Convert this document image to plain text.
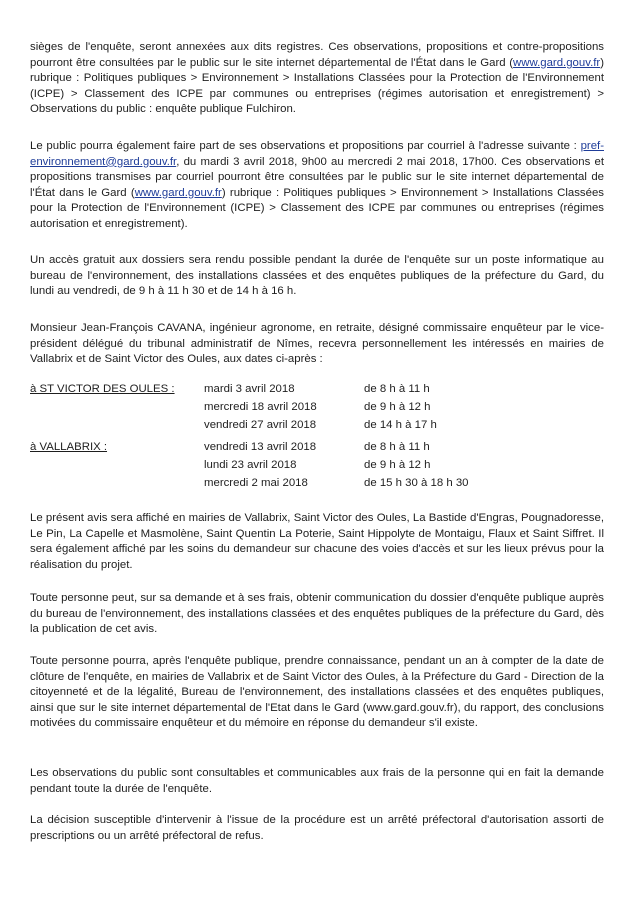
sièges de l'enquête, seront annexées aux dits registres. Ces observations, propositions et contre-propositions pourront être consultées par le public sur le site internet départemental de l'État dans le Gard (www.gard.gouv.fr) rubrique : Politiques publiques > Environnement > Installations Classées pour la Protection de l'Environnement (ICPE) > Classement des ICPE par communes ou entreprises (régimes autorisation et enregistrement) > Observations du public : enquête publique Fulchiron.

Le public pourra également faire part de ses observations et propositions par courriel à l'adresse suivante : pref-environnement@gard.gouv.fr, du mardi 3 avril 2018, 9h00 au mercredi 2 mai 2018, 17h00. Ces observations et propositions transmises par courriel pourront être consultées par le public sur le site internet départemental de l'État dans le Gard (www.gard.gouv.fr) rubrique : Politiques publiques > Environnement > Installations Classées pour la Protection de l'Environnement (ICPE) > Classement des ICPE par communes ou entreprises (régimes autorisation et enregistrement).

Un accès gratuit aux dossiers sera rendu possible pendant la durée de l'enquête sur un poste informatique au bureau de l'environnement, des installations classées et des enquêtes publiques de la préfecture du Gard, du lundi au vendredi, de 9 h à 11 h 30 et de 14 h à 16 h.

Monsieur Jean-François CAVANA, ingénieur agronome, en retraite, désigné commissaire enquêteur par le vice-président délégué du tribunal administratif de Nîmes, recevra personnellement les intéressés en mairies de Vallabrix et de Saint Victor des Oules, aux dates ci-après :

à ST VICTOR DES OULES :	mardi 3 avril 2018	de 8 h à 11 h
mercredi 18 avril 2018	de 9 h à 12 h
vendredi 27 avril 2018	de 14 h à 17 h
à VALLABRIX :	vendredi 13 avril 2018	de 8 h à 11 h
lundi 23 avril 2018	de 9 h à 12 h
mercredi 2 mai 2018	de 15 h 30 à 18 h 30

Le présent avis sera affiché en mairies de Vallabrix, Saint Victor des Oules, La Bastide d'Engras, Pougnadoresse, Le Pin, La Capelle et Masmolène, Saint Quentin La Poterie, Saint Hippolyte de Montaigu, Flaux et Saint Siffret. Il sera également affiché par les soins du demandeur sur chacune des voies d'accès et sur les lieux prévus pour la réalisation du projet.

Toute personne peut, sur sa demande et à ses frais, obtenir communication du dossier d'enquête publique auprès du bureau de l'environnement, des installations classées et des enquêtes publiques de la préfecture du Gard, dès la publication de cet avis.

Toute personne pourra, après l'enquête publique, prendre connaissance, pendant un an à compter de la date de clôture de l'enquête, en mairies de Vallabrix et de Saint Victor des Oules, à la Préfecture du Gard - Direction de la citoyenneté et de la légalité, Bureau de l'environnement, des installations classées et des enquêtes publiques, ainsi que sur le site internet départemental de l'Etat dans le Gard (www.gard.gouv.fr), du rapport, des conclusions motivées du commissaire enquêteur et du mémoire en réponse du demandeur s'il existe.

Les observations du public sont consultables et communicables aux frais de la personne qui en fait la demande pendant toute la durée de l'enquête.

La décision susceptible d'intervenir à l'issue de la procédure est un arrêté préfectoral d'autorisation assorti de prescriptions ou un arrêté préfectoral de refus.
